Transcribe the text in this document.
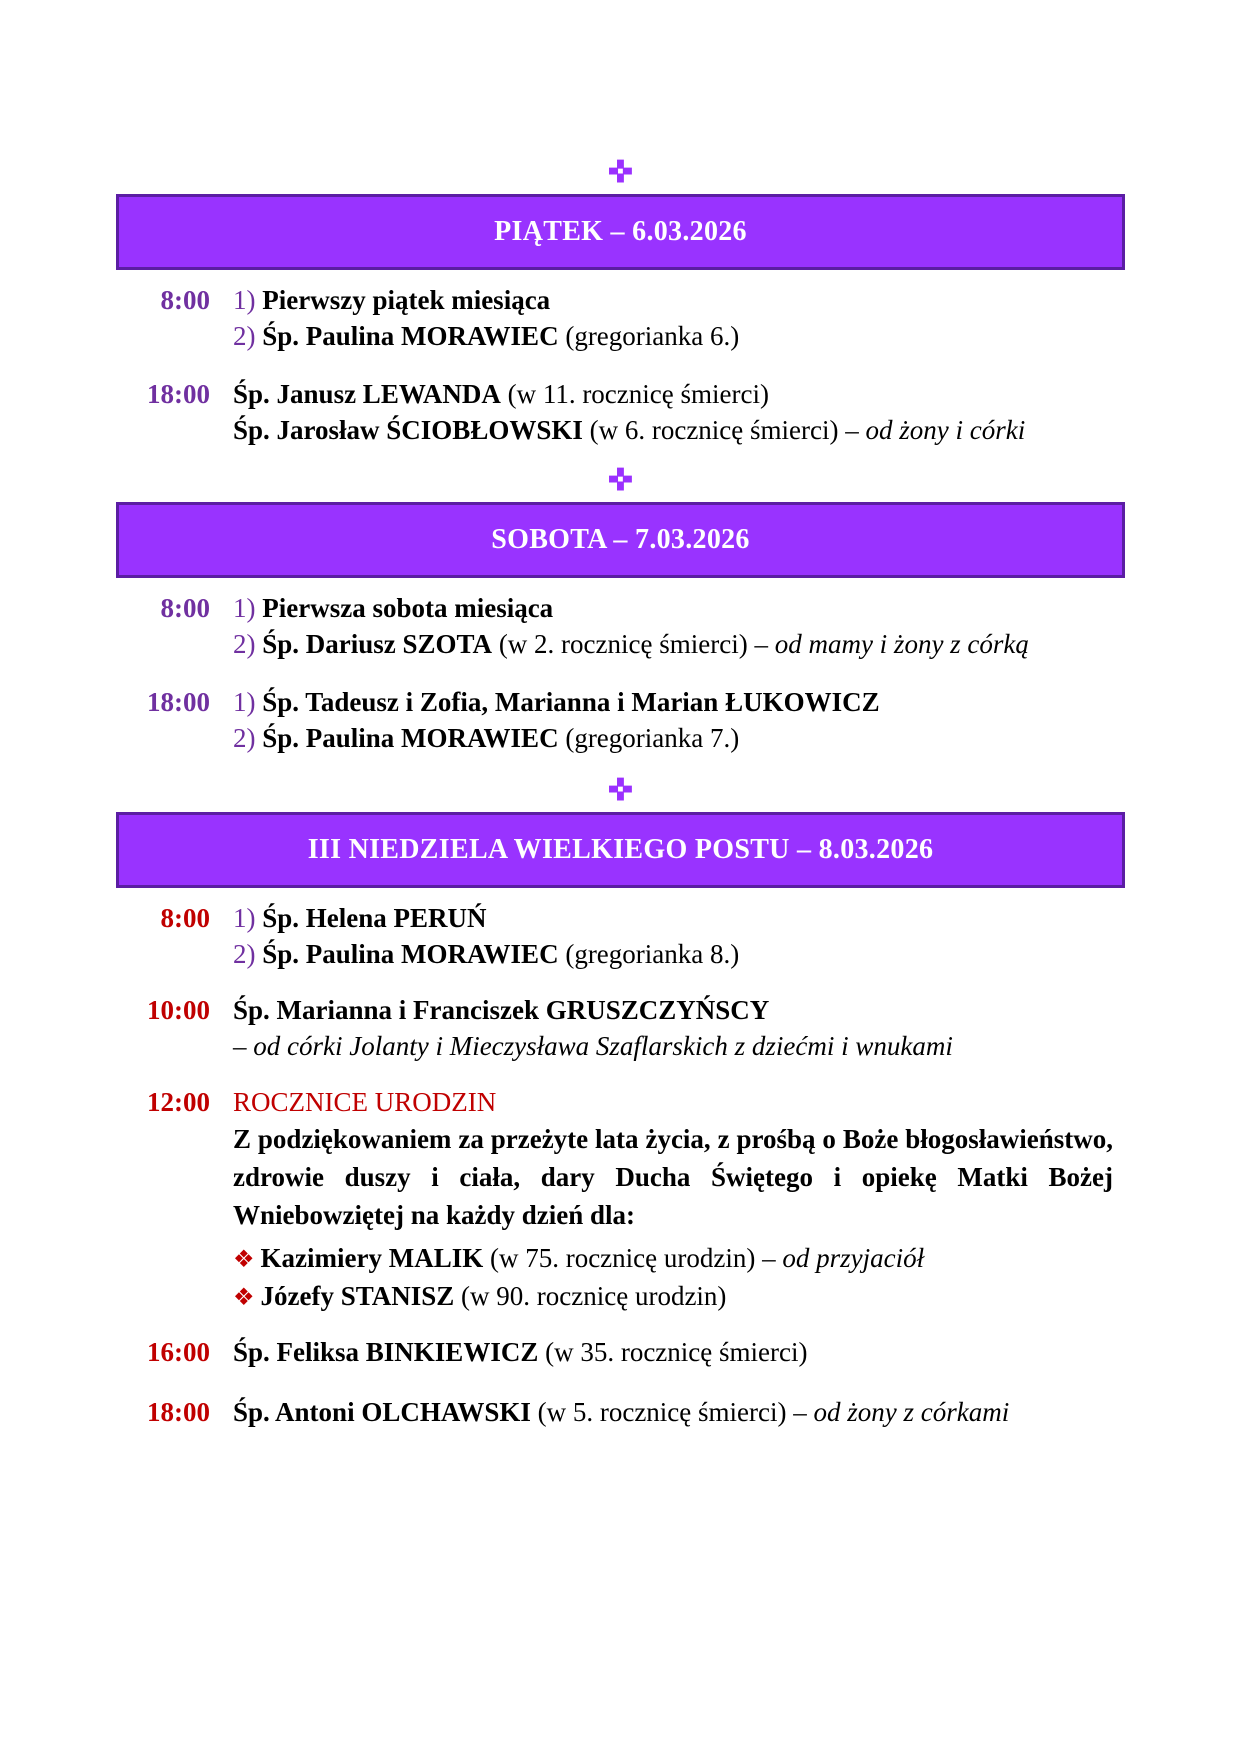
✜
PIĄTEK – 6.03.2026
8:00 1) Pierwszy piątek miesiąca
2) Śp. Paulina MORAWIEC (gregorianka 6.)
18:00 Śp. Janusz LEWANDA (w 11. rocznicę śmierci)
Śp. Jarosław ŚCIOBŁOWSKI (w 6. rocznicę śmierci) – od żony i córki
✜
SOBOTA – 7.03.2026
8:00 1) Pierwsza sobota miesiąca
2) Śp. Dariusz SZOTA (w 2. rocznicę śmierci) – od mamy i żony z córką
18:00 1) Śp. Tadeusz i Zofia, Marianna i Marian ŁUKOWICZ
2) Śp. Paulina MORAWIEC (gregorianka 7.)
✜
III NIEDZIELA WIELKIEGO POSTU – 8.03.2026
8:00 1) Śp. Helena PERUŃ
2) Śp. Paulina MORAWIEC (gregorianka 8.)
10:00 Śp. Marianna i Franciszek GRUSZCZYŃSCY
– od córki Jolanty i Mieczysława Szaflarskich z dziećmi i wnukami
12:00 ROCZNICE URODZIN
Z podziękowaniem za przeżyte lata życia, z prośbą o Boże błogosławieństwo, zdrowie duszy i ciała, dary Ducha Świętego i opiekę Matki Bożej Wniebowziętej na każdy dzień dla:
❖ Kazimiery MALIK (w 75. rocznicę urodzin) – od przyjaciół
❖ Józefy STANISZ (w 90. rocznicę urodzin)
16:00 Śp. Feliksa BINKIEWICZ (w 35. rocznicę śmierci)
18:00 Śp. Antoni OLCHAWSKI (w 5. rocznicę śmierci) – od żony z córkami
